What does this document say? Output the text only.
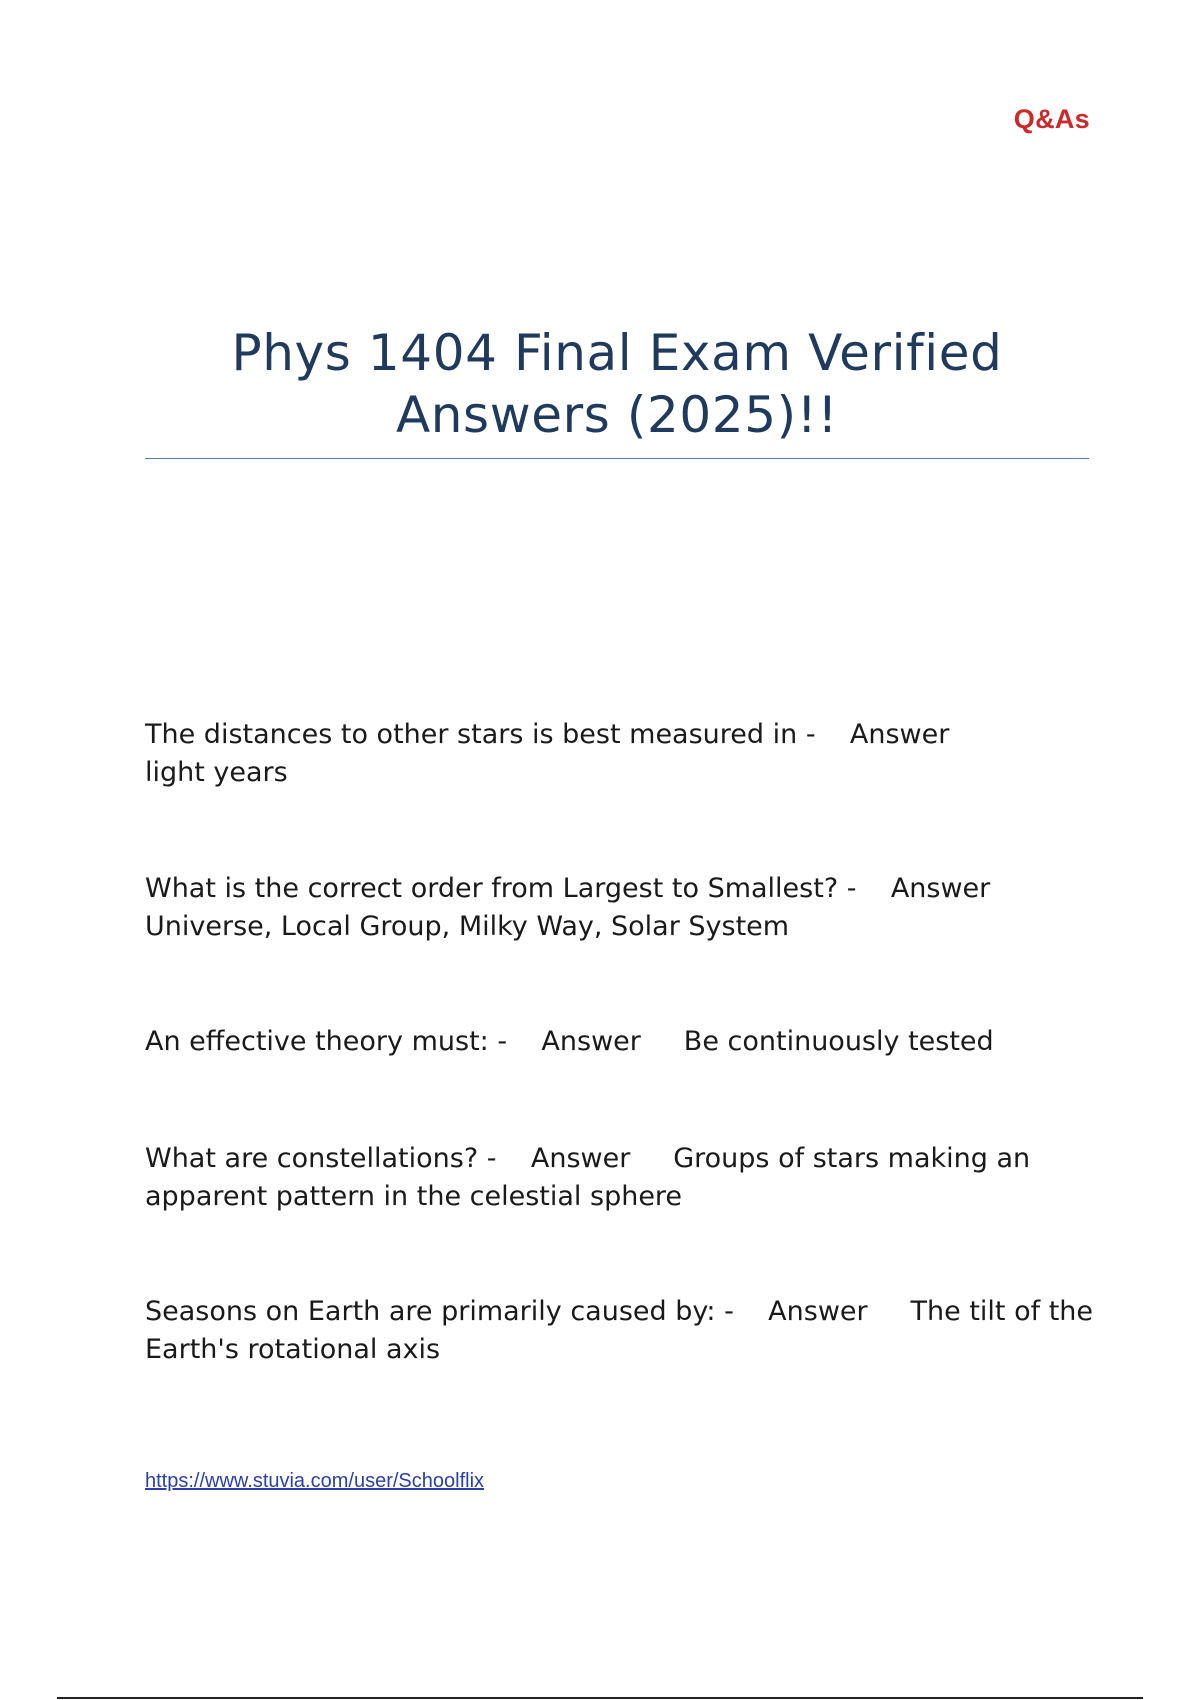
Q&As
Phys 1404 Final Exam Verified
Answers (2025)!!
The distances to other stars is best measured in - Answer
light years
What is the correct order from Largest to Smallest? - Answer
Universe, Local Group, Milky Way, Solar System
An effective theory must: - Answer Be continuously tested
What are constellations? - Answer Groups of stars making an apparent pattern in the celestial sphere
Seasons on Earth are primarily caused by: - Answer The tilt of the Earth's rotational axis
https://www.stuvia.com/user/Schoolflix
